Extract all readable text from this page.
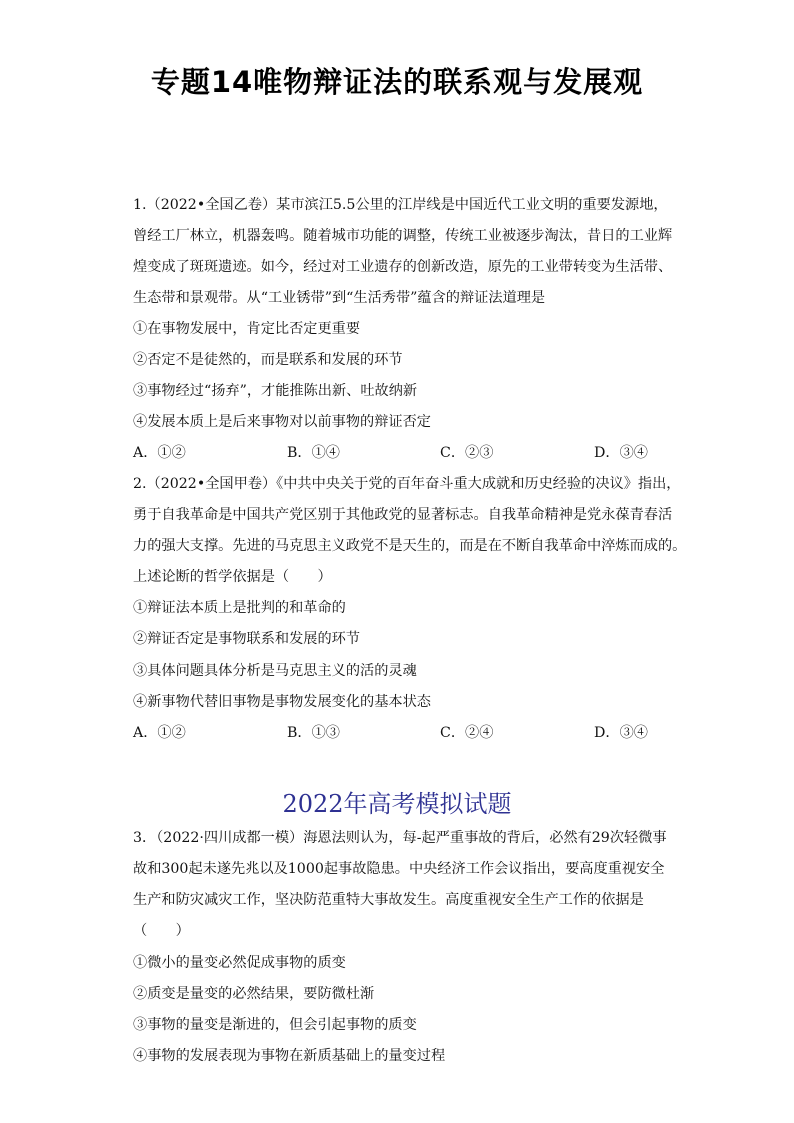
专题14唯物辩证法的联系观与发展观
1.（2022•全国乙卷）某市滨江5.5公里的江岸线是中国近代工业文明的重要发源地，
曾经工厂林立，机器轰鸣。随着城市功能的调整，传统工业被逐步淘汰，昔日的工业辉
煌变成了斑斑遗迹。如今，经过对工业遗存的创新改造，原先的工业带转变为生活带、
生态带和景观带。从“工业锈带”到“生活秀带”蕴含的辩证法道理是
①在事物发展中，肯定比否定更重要
②否定不是徒然的，而是联系和发展的环节
③事物经过“扬弃”，才能推陈出新、吐故纳新
④发展本质上是后来事物对以前事物的辩证否定
A．①②	B．①④	C．②③	D．③④
2.（2022•全国甲卷）《中共中央关于党的百年奋斗重大成就和历史经验的决议》指出，
勇于自我革命是中国共产党区别于其他政党的显著标志。自我革命精神是党永葆青春活
力的强大支撑。先进的马克思主义政党不是天生的，而是在不断自我革命中淬炼而成的。
上述论断的哲学依据是（　　）
①辩证法本质上是批判的和革命的
②辩证否定是事物联系和发展的环节
③具体问题具体分析是马克思主义的活的灵魂
④新事物代替旧事物是事物发展变化的基本状态
A．①②	B．①③	C．②④	D．③④
2022年高考模拟试题
3．（2022·四川成都一模）海恩法则认为，每-起严重事故的背后，必然有29次轻微事
故和300起未遂先兆以及1000起事故隐患。中央经济工作会议指出，要高度重视安全
生产和防灾减灾工作，坚决防范重特大事故发生。高度重视安全生产工作的依据是
（　　）
①微小的量变必然促成事物的质变
②质变是量变的必然结果，要防微杜渐
③事物的量变是渐进的，但会引起事物的质变
④事物的发展表现为事物在新质基础上的量变过程
